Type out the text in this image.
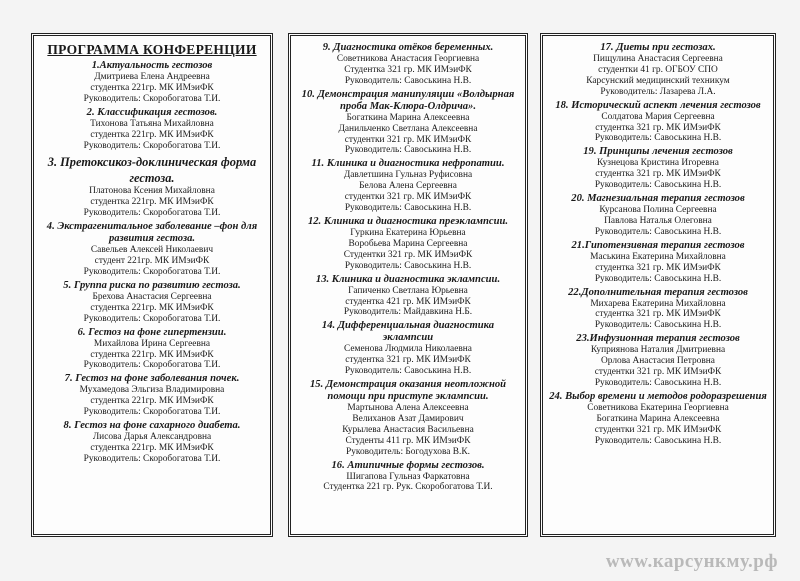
ПРОГРАММА КОНФЕРЕНЦИИ
1.Актуальность гестозов
Дмитриева Елена Андреевна
студентка 221гр. МК ИМэиФК
Руководитель: Скоробогатова Т.И.
2. Классификация гестозов.
Тихонова Татьяна Михайловна
студентка 221гр. МК ИМэиФК
Руководитель: Скоробогатова Т.И.
3. Претоксикоз-доклиническая форма гестоза.
Платонова Ксения Михайловна
студентка 221гр. МК ИМэиФК
Руководитель: Скоробогатова Т.И.
4. Экстрагенитальное заболевание –фон для развития гестоза.
Савельев Алексей Николаевич
студент 221гр. МК ИМэиФК
Руководитель: Скоробогатова Т.И.
5. Группа риска по развитию гестоза.
Брехова Анастасия Сергеевна
студентка 221гр. МК ИМэиФК
Руководитель: Скоробогатова Т.И.
6. Гестоз на фоне гипертензии.
Михайлова Ирина Сергеевна
студентка 221гр. МК ИМэиФК
Руководитель: Скоробогатова Т.И.
7. Гестоз на фоне заболевания почек.
Мухамедова Эльгиза Владимировна
студентка 221гр. МК ИМэиФК
Руководитель: Скоробогатова Т.И.
8. Гестоз на фоне сахарного диабета.
Лисова Дарья Александровна
студентка 221гр. МК ИМэиФК
Руководитель: Скоробогатова Т.И.
9. Диагностика отёков беременных.
Советникова Анастасия Георгиевна
Студентка 321 гр. МК ИМэиФК
Руководитель: Савоськина Н.В.
10. Демонстрация манипуляции «Волдырная проба Мак-Клюра-Олдрича».
Богаткина Марина Алексеевна
Данильченко Светлана Алексеевна
студентки 321 гр. МК ИМэиФК
Руководитель: Савоськина Н.В.
11. Клиника и диагностика нефропатии.
Давлетшина Гульназ Руфисовна
Белова Алена Сергеевна
студентки 321 гр. МК ИМэиФК
Руководитель: Савоськина Н.В.
12. Клиника и диагностика преэклампсии.
Гуркина Екатерина Юрьевна
Воробьева Марина Сергеевна
Студентки 321 гр. МК ИМэиФК
Руководитель: Савоськина Н.В.
13. Клиника и диагностика эклампсии.
Гапиченко Светлана Юрьевна
студентка 421 гр. МК ИМэиФК
Руководитель: Майдавкина Н.Б.
14. Дифференциальная диагностика эклампсии
Семенова Людмила Николаевна
студентка 321 гр. МК ИМэиФК
Руководитель: Савоськина Н.В.
15. Демонстрация оказания неотложной помощи при приступе эклампсии.
Мартынова Алена Алексеевна
Велиханов Азат Дамирович
Курылева Анастасия Васильевна
Студенты 411 гр. МК ИМэиФК
Руководитель: Богодухова В.К.
16. Атипичные формы гестозов.
Шигапова Гульназ Фаркатовна
Студентка 221 гр. Рук. Скоробогатова Т.И.
17. Диеты при гестозах.
Пищулина Анастасия Сергеевна
студентки 41 гр. ОГБОУ СПО
Карсунский медицинский техникум
Руководитель: Лазарева Л.А.
18. Исторический аспект лечения гестозов
Солдатова Мария Сергеевна
студентка 321 гр. МК ИМэиФК
Руководитель: Савоськина Н.В.
19. Принципы лечения гестозов
Кузнецова Кристина Игоревна
студентка 321 гр. МК ИМэиФК
Руководитель: Савоськина Н.В.
20. Магнезиальная терапия гестозов
Курсанова Полина Сергеевна
Павлова Наталья Олеговна
Руководитель: Савоськина Н.В.
21.Гипотензивная терапия гестозов
Маськина Екатерина Михайловна
студентка 321 гр. МК ИМэиФК
Руководитель: Савоськина Н.В.
22.Дополнительная терапия гестозов
Михарева Екатерина Михайловна
студентка 321 гр. МК ИМэиФК
Руководитель: Савоськина Н.В.
23.Инфузионная терапия гестозов
Куприянова Наталия Дмитриевна
Орлова Анастасия Петровна
студентки 321 гр. МК ИМэиФК
Руководитель: Савоськина Н.В.
24. Выбор времени и методов родоразрешения
Советникова Екатерина Георгиевна
Богаткина Марина Алексеевна
студентки 321 гр. МК ИМэиФК
Руководитель: Савоськина Н.В.
www.карсункму.рф
